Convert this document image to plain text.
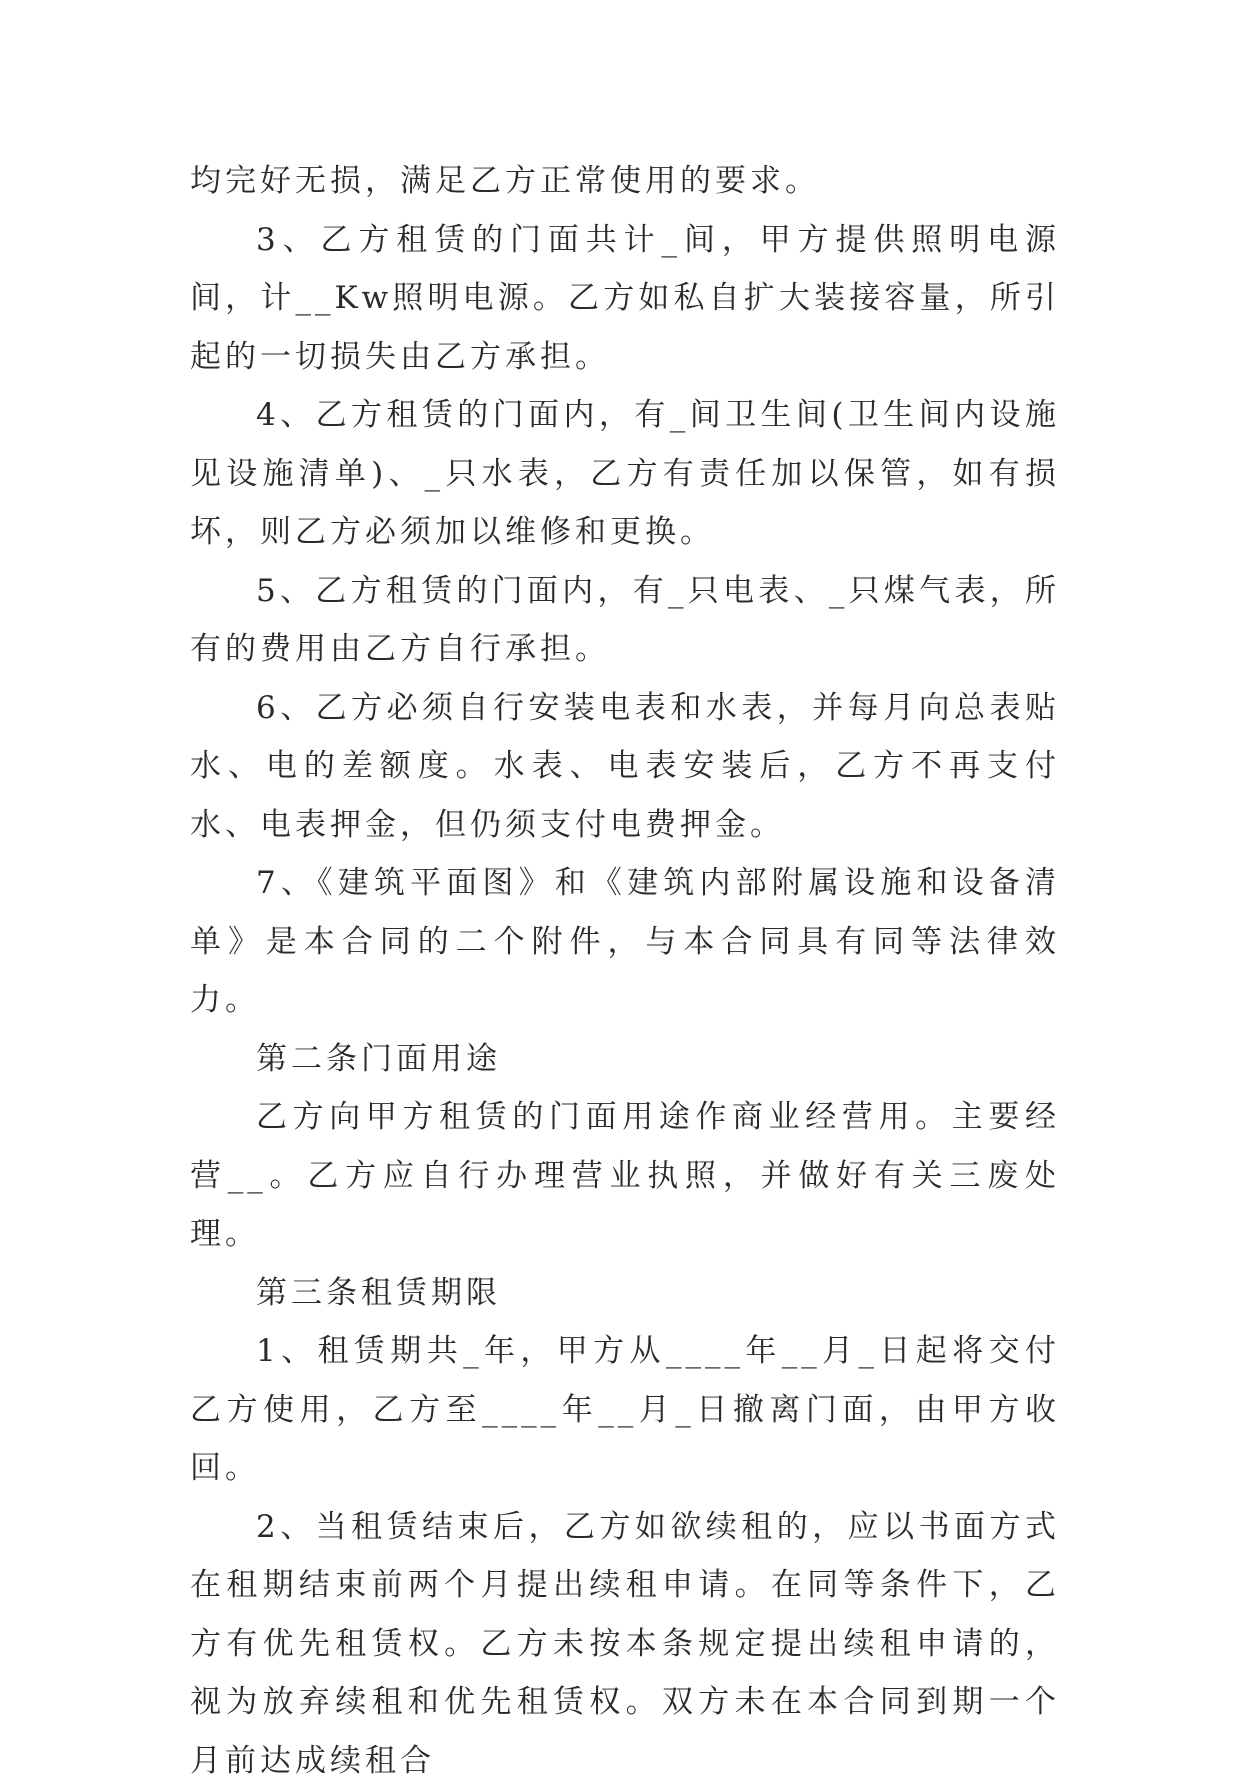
均完好无损，满足乙方正常使用的要求。

3、乙方租赁的门面共计_间，甲方提供照明电源间，计__Kw照明电源。乙方如私自扩大装接容量，所引起的一切损失由乙方承担。

4、乙方租赁的门面内，有_间卫生间(卫生间内设施见设施清单)、_只水表，乙方有责任加以保管，如有损坏，则乙方必须加以维修和更换。

5、乙方租赁的门面内，有_只电表、_只煤气表，所有的费用由乙方自行承担。

6、乙方必须自行安装电表和水表，并每月向总表贴水、电的差额度。水表、电表安装后，乙方不再支付水、电表押金，但仍须支付电费押金。

7、《建筑平面图》和《建筑内部附属设施和设备清单》是本合同的二个附件，与本合同具有同等法律效力。

第二条门面用途

乙方向甲方租赁的门面用途作商业经营用。主要经营__。乙方应自行办理营业执照，并做好有关三废处理。

第三条租赁期限

1、租赁期共_年，甲方从____年__月_日起将交付乙方使用，乙方至____年__月_日撤离门面，由甲方收回。

2、当租赁结束后，乙方如欲续租的，应以书面方式在租期结束前两个月提出续租申请。在同等条件下，乙方有优先租赁权。乙方未按本条规定提出续租申请的，视为放弃续租和优先租赁权。双方未在本合同到期一个月前达成续租合
